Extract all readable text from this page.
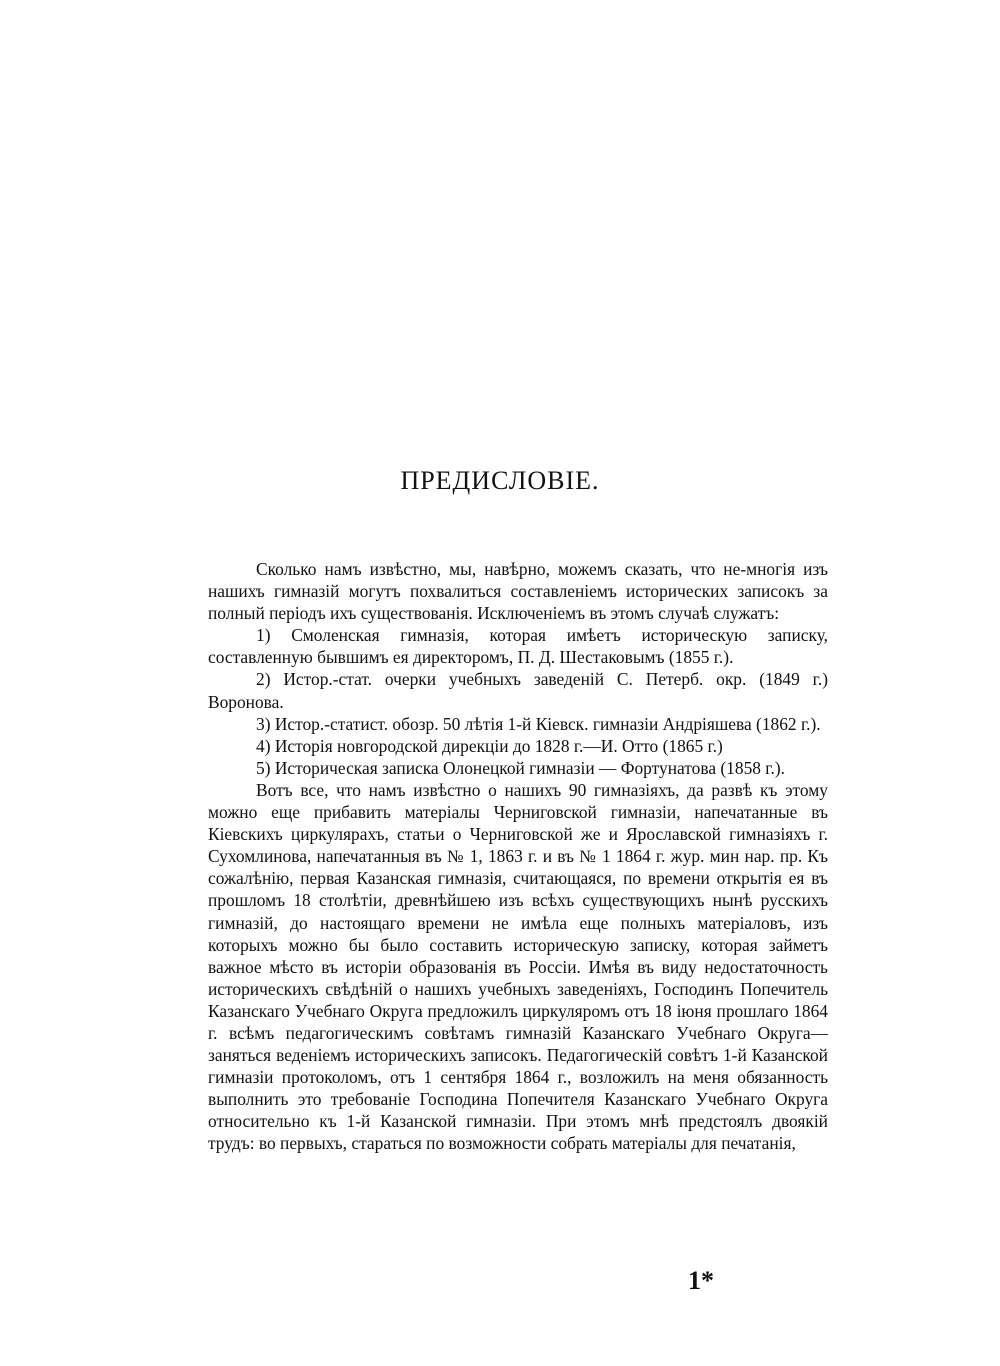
ПРЕДИСЛОВІЕ.

Сколько намъ извѣстно, мы, навѣрно, можемъ сказать, что не-многія изъ нашихъ гимназій могутъ похвалиться составленіемъ исторических записокъ за полный періодъ ихъ существованія. Исключеніемъ въ этомъ случаѣ служатъ:

1) Смоленская гимназія, которая имѣетъ историческую записку, составленную бывшимъ ея директоромъ, П. Д. Шестаковымъ (1855 г.).

2) Истор.-стат. очерки учебныхъ заведеній С. Петерб. окр. (1849 г.) Воронова.

3) Истор.-статист. обозр. 50 лѣтія 1-й Кіевск. гимназіи Андріяшева (1862 г.).

4) Исторія новгородской дирекціи до 1828 г.—И. Отто (1865 г.)

5) Историческая записка Олонецкой гимназіи — Фортунатова (1858 г.).

Вотъ все, что намъ извѣстно о нашихъ 90 гимназіяхъ, да развѣ къ этому можно еще прибавить матеріалы Черниговской гимназіи, напечатанные въ Кіевскихъ циркулярахъ, статьи о Черниговской же и Ярославской гимназіяхъ г. Сухомлинова, напечатанныя въ № 1, 1863 г. и въ № 1 1864 г. жур. мин нар. пр. Къ сожалѣнію, первая Казанская гимназія, считающаяся, по времени открытія ея въ прошломъ 18 столѣтіи, древнѣйшею изъ всѣхъ существующихъ нынѣ русскихъ гимназій, до настоящаго времени не имѣла еще полныхъ матеріаловъ, изъ которыхъ можно бы было составить историческую записку, которая займетъ важное мѣсто въ исторіи образованія въ Россіи. Имѣя въ виду недостаточность историческихъ свѣдѣній о нашихъ учебныхъ заведеніяхъ, Господинъ Попечитель Казанскаго Учебнаго Округа предложилъ циркуляромъ отъ 18 іюня прошлаго 1864 г. всѣмъ педагогическимъ совѣтамъ гимназій Казанскаго Учебнаго Округа—заняться веденіемъ историческихъ записокъ. Педагогическій совѣтъ 1-й Казанской гимназіи протоколомъ, отъ 1 сентября 1864 г., возложилъ на меня обязанность выполнить это требованіе Господина Попечителя Казанскаго Учебнаго Округа относительно къ 1-й Казанской гимназіи. При этомъ мнѣ предстоялъ двоякій трудъ: во первыхъ, стараться по возможности собрать матеріалы для печатанія,

1*
